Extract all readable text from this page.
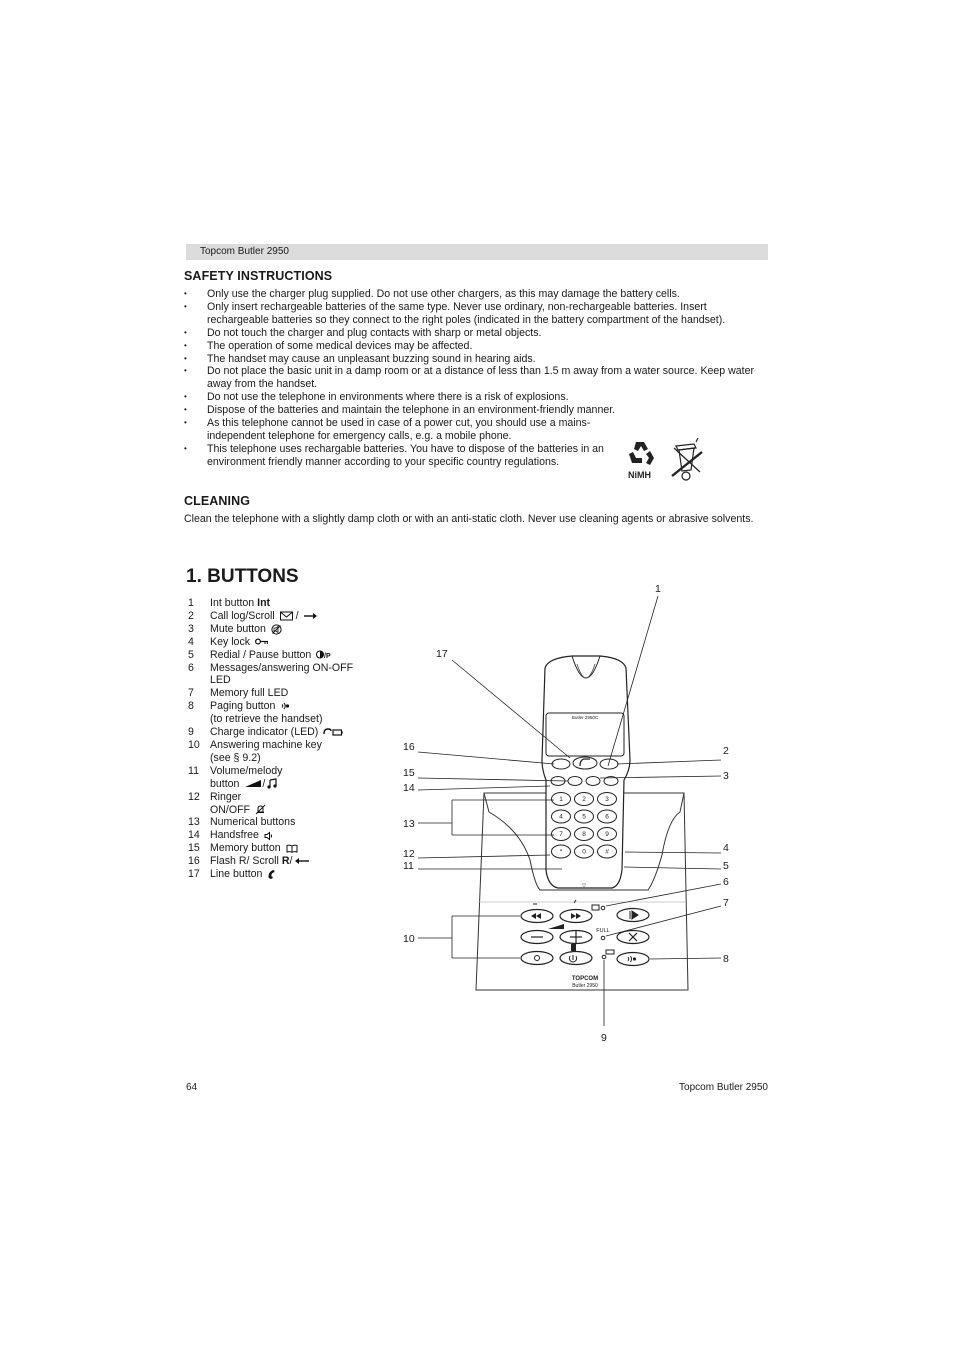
Topcom Butler 2950
SAFETY INSTRUCTIONS
• Only use the charger plug supplied. Do not use other chargers, as this may damage the battery cells.
• Only insert rechargeable batteries of the same type. Never use ordinary, non-rechargeable batteries. Insert rechargeable batteries so they connect to the right poles (indicated in the battery compartment of the handset).
• Do not touch the charger and plug contacts with sharp or metal objects.
• The operation of some medical devices may be affected.
• The handset may cause an unpleasant buzzing sound in hearing aids.
• Do not place the basic unit in a damp room or at a distance of less than 1.5 m away from a water source. Keep water away from the handset.
• Do not use the telephone in environments where there is a risk of explosions.
• Dispose of the batteries and maintain the telephone in an environment-friendly manner.
• As this telephone cannot be used in case of a power cut, you should use a mains-independent telephone for emergency calls, e.g. a mobile phone.
• This telephone uses rechargable batteries. You have to dispose of the batteries in an environment friendly manner according to your specific country regulations.
NiMH
CLEANING

Clean the telephone with a slightly damp cloth or with an anti-static cloth. Never use cleaning agents or abrasive solvents.

1. BUTTONS
1 Int button Int
2 Call log/Scroll  /
3 Mute button
4 Key lock
5 Redial / Pause button /P
6 Messages/answering ON-OFF
LED
7 Memory full LED
8 Paging button
(to retrieve the handset)
9 Charge indicator (LED)
10 Answering machine key
(see § 9.2)
11 Volume/melody
button /
12 Ringer
ON/OFF
13 Numerical buttons
14 Handsfree
15 Memory button
16 Flash R/ Scroll R/
17 Line button
TOPCOM
Butler 2950
FULL
Butler 2950C
▽
1	2	3
4	5	6
7	8	9
*	0	#
1
2
3
4
5
6
7
8
9
10
11
12
13
14
15
16
17
64	Topcom Butler 2950
